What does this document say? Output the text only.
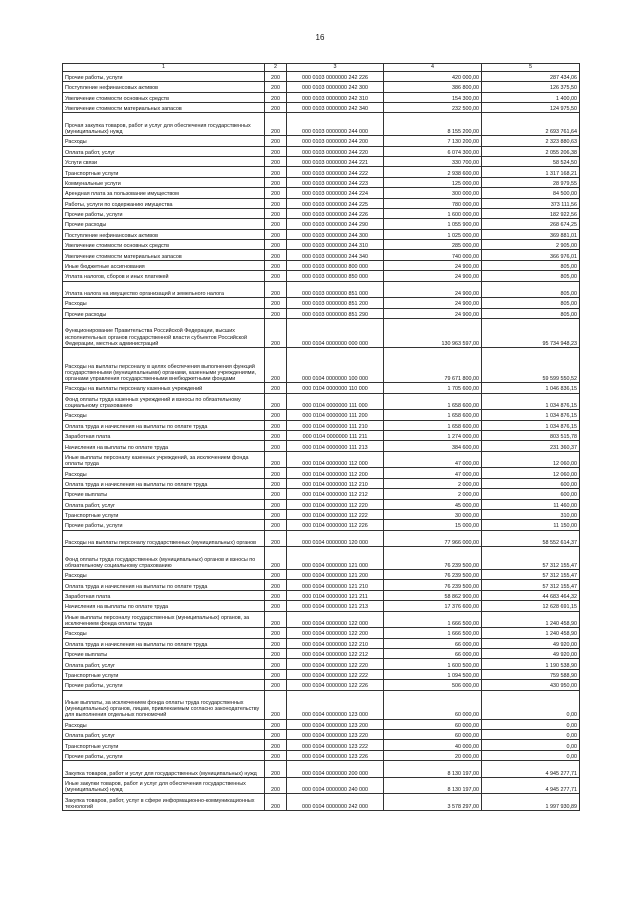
16
1	2	3	4	5
Прочие работы, услуги	200	000 0103 0000000 242 226	420 000,00	287 434,06
Поступление нефинансовых активов	200	000 0103 0000000 242 300	386 800,00	126 375,50
Увеличение стоимости основных средств	200	000 0103 0000000 242 310	154 300,00	1 400,00
Увеличение стоимости материальных запасов	200	000 0103 0000000 242 340	232 500,00	124 975,50
Прочая закупка товаров, работ и услуг для обеспечения государственных (муниципальных) нужд	200	000 0103 0000000 244 000	8 155 200,00	2 693 761,64
Расходы	200	000 0103 0000000 244 200	7 130 200,00	2 323 880,63
Оплата работ, услуг	200	000 0103 0000000 244 220	6 074 300,00	2 055 206,38
Услуги связи	200	000 0103 0000000 244 221	330 700,00	58 524,50
Транспортные услуги	200	000 0103 0000000 244 222	2 938 600,00	1 317 168,21
Коммунальные услуги	200	000 0103 0000000 244 223	125 000,00	28 979,55
Арендная плата за пользование имуществом	200	000 0103 0000000 244 224	300 000,00	84 500,00
Работы, услуги по содержанию имущества	200	000 0103 0000000 244 225	780 000,00	373 111,56
Прочие работы, услуги	200	000 0103 0000000 244 226	1 600 000,00	182 922,56
Прочие расходы	200	000 0103 0000000 244 290	1 055 900,00	268 674,25
Поступление нефинансовых активов	200	000 0103 0000000 244 300	1 025 000,00	369 881,01
Увеличение стоимости основных средств	200	000 0103 0000000 244 310	285 000,00	2 905,00
Увеличение стоимости материальных запасов	200	000 0103 0000000 244 340	740 000,00	366 976,01
Иные бюджетные ассигнования	200	000 0103 0000000 800 000	24 900,00	805,00
Уплата налогов, сборов и иных платежей	200	000 0103 0000000 850 000	24 900,00	805,00
Уплата налога на имущество организаций и земельного налога	200	000 0103 0000000 851 000	24 900,00	805,00
Расходы	200	000 0103 0000000 851 200	24 900,00	805,00
Прочие расходы	200	000 0103 0000000 851 290	24 900,00	805,00
Функционирование Правительства Российской Федерации, высших исполнительных органов государственной власти субъектов Российской Федерации, местных администраций	200	000 0104 0000000 000 000	130 963 597,00	95 734 948,23
Расходы на выплаты персоналу в целях обеспечения выполнения функций государственными (муниципальными) органами, казенными учреждениями, органами управления государственными внебюджетными фондами	200	000 0104 0000000 100 000	79 671 800,00	59 599 550,52
Расходы на выплаты персоналу казенных учреждений	200	000 0104 0000000 110 000	1 705 600,00	1 046 836,15
Фонд оплаты труда казенных учреждений и взносы по обязательному социальному страхованию	200	000 0104 0000000 111 000	1 658 600,00	1 034 876,15
Расходы	200	000 0104 0000000 111 200	1 658 600,00	1 034 876,15
Оплата труда и начисления на выплаты по оплате труда	200	000 0104 0000000 111 210	1 658 600,00	1 034 876,15
Заработная плата	200	000 0104 0000000 111 211	1 274 000,00	803 515,78
Начисления на выплаты по оплате труда	200	000 0104 0000000 111 213	384 600,00	231 360,37
Иные выплаты персоналу казенных учреждений, за исключением фонда оплаты труда	200	000 0104 0000000 112 000	47 000,00	12 060,00
Расходы	200	000 0104 0000000 112 200	47 000,00	12 060,00
Оплата труда и начисления на выплаты по оплате труда	200	000 0104 0000000 112 210	2 000,00	600,00
Прочие выплаты	200	000 0104 0000000 112 212	2 000,00	600,00
Оплата работ, услуг	200	000 0104 0000000 112 220	45 000,00	11 460,00
Транспортные услуги	200	000 0104 0000000 112 222	30 000,00	310,00
Прочие работы, услуги	200	000 0104 0000000 112 226	15 000,00	11 150,00
Расходы на выплаты персоналу государственных (муниципальных) органов	200	000 0104 0000000 120 000	77 966 000,00	58 552 614,37
Фонд оплаты труда государственных (муниципальных) органов и взносы по обязательному социальному страхованию	200	000 0104 0000000 121 000	76 239 500,00	57 312 155,47
Расходы	200	000 0104 0000000 121 200	76 239 500,00	57 312 155,47
Оплата труда и начисления на выплаты по оплате труда	200	000 0104 0000000 121 210	76 239 500,00	57 312 155,47
Заработная плата	200	000 0104 0000000 121 211	58 862 900,00	44 683 464,32
Начисления на выплаты по оплате труда	200	000 0104 0000000 121 213	17 376 600,00	12 628 691,15
Иные выплаты персоналу государственных (муниципальных) органов, за исключением фонда оплаты труда	200	000 0104 0000000 122 000	1 666 500,00	1 240 458,90
Расходы	200	000 0104 0000000 122 200	1 666 500,00	1 240 458,90
Оплата труда и начисления на выплаты по оплате труда	200	000 0104 0000000 122 210	66 000,00	49 920,00
Прочие выплаты	200	000 0104 0000000 122 212	66 000,00	49 920,00
Оплата работ, услуг	200	000 0104 0000000 122 220	1 600 500,00	1 190 538,90
Транспортные услуги	200	000 0104 0000000 122 222	1 094 500,00	759 588,90
Прочие работы, услуги	200	000 0104 0000000 122 226	506 000,00	430 950,00
Иные выплаты, за исключением фонда оплаты труда государственных (муниципальных) органов, лицам, привлекаемым согласно законодательству для выполнения отдельных полномочий	200	000 0104 0000000 123 000	60 000,00	0,00
Расходы	200	000 0104 0000000 123 200	60 000,00	0,00
Оплата работ, услуг	200	000 0104 0000000 123 220	60 000,00	0,00
Транспортные услуги	200	000 0104 0000000 123 222	40 000,00	0,00
Прочие работы, услуги	200	000 0104 0000000 123 226	20 000,00	0,00
Закупка товаров, работ и услуг для государственных (муниципальных) нужд	200	000 0104 0000000 200 000	8 130 197,00	4 945 277,71
Иные закупки товаров, работ и услуг для обеспечения государственных (муниципальных) нужд	200	000 0104 0000000 240 000	8 130 197,00	4 945 277,71
Закупка товаров, работ, услуг в сфере информационно-коммуникационных технологий	200	000 0104 0000000 242 000	3 578 297,00	1 997 930,89
